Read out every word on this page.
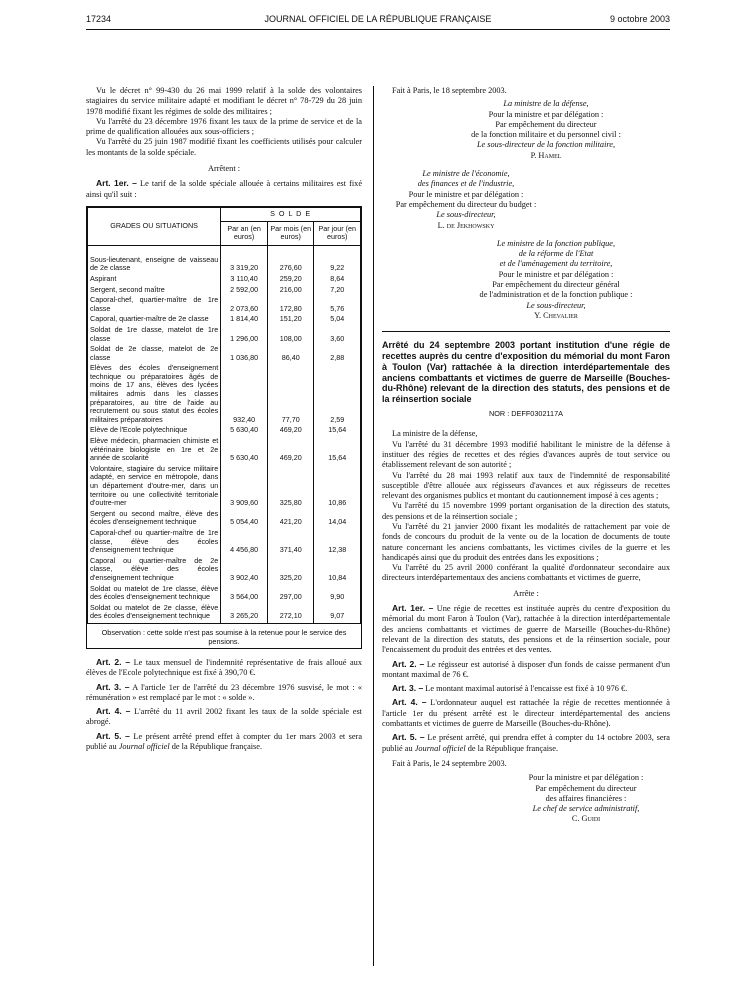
17234	JOURNAL OFFICIEL DE LA RÉPUBLIQUE FRANÇAISE	9 octobre 2003

Vu le décret n° 99-430 du 26 mai 1999 relatif à la solde des volontaires stagiaires du service militaire adapté et modifiant le décret n° 78-729 du 28 juin 1978 modifié fixant les régimes de solde des militaires ;

Vu l'arrêté du 23 décembre 1976 fixant les taux de la prime de service et de la prime de qualification allouées aux sous-officiers ;

Vu l'arrêté du 25 juin 1987 modifié fixant les coefficients utilisés pour calculer les montants de la solde spéciale.

Arrêtent :

Art. 1er. – Le tarif de la solde spéciale allouée à certains militaires est fixé ainsi qu'il suit :

GRADES OU SITUATIONS	S O L D E		
	Par an (en euros)	Par mois (en euros)	Par jour (en euros)
Sous-lieutenant, enseigne de vaisseau de 2e classe	3 319,20	276,60	9,22
Aspirant	3 110,40	259,20	8,64
Sergent, second maître	2 592,00	216,00	7,20
Caporal-chef, quartier-maître de 1re classe	2 073,60	172,80	5,76
Caporal, quartier-maître de 2e classe	1 814,40	151,20	5,04
Soldat de 1re classe, matelot de 1re classe	1 296,00	108,00	3,60
Soldat de 2e classe, matelot de 2e classe	1 036,80	86,40	2,88
Elèves des écoles d'enseignement technique ou préparatoires âgés de moins de 17 ans, élèves des lycées militaires admis dans les classes préparatoires, au titre de l'aide au recrutement ou sous statut des écoles militaires préparatoires	932,40	77,70	2,59
Elève de l'Ecole polytechnique	5 630,40	469,20	15,64
Elève médecin, pharmacien chimiste et vétérinaire biologiste en 1re et 2e année de scolarité	5 630,40	469,20	15,64
Volontaire, stagiaire du service militaire adapté, en service en métropole, dans un département d'outre-mer, dans un territoire ou une collectivité territoriale d'outre-mer	3 909,60	325,80	10,86
Sergent ou second maître, élève des écoles d'enseignement technique	5 054,40	421,20	14,04
Caporal-chef ou quartier-maître de 1re classe, élève des écoles d'enseignement technique	4 456,80	371,40	12,38
Caporal ou quartier-maître de 2e classe, élève des écoles d'enseignement technique	3 902,40	325,20	10,84
Soldat ou matelot de 1re classe, élève des écoles d'enseignement technique	3 564,00	297,00	9,90
Soldat ou matelot de 2e classe, élève des écoles d'enseignement technique	3 265,20	272,10	9,07
Observation : cette solde n'est pas soumise à la retenue pour le service des pensions.

Art. 2. – Le taux mensuel de l'indemnité représentative de frais alloué aux élèves de l'Ecole polytechnique est fixé à 390,70 €.

Art. 3. – A l'article 1er de l'arrêté du 23 décembre 1976 susvisé, le mot : « rémunération » est remplacé par le mot : « solde ».

Art. 4. – L'arrêté du 11 avril 2002 fixant les taux de la solde spéciale est abrogé.

Art. 5. – Le présent arrêté prend effet à compter du 1er mars 2003 et sera publié au Journal officiel de la République française.

Fait à Paris, le 18 septembre 2003.

La ministre de la défense,
Pour la ministre et par délégation :
Par empêchement du directeur
de la fonction militaire et du personnel civil :
Le sous-directeur de la fonction militaire,
P. Hamel
Le ministre de l'économie,
des finances et de l'industrie,
Pour le ministre et par délégation :
Par empêchement du directeur du budget :
Le sous-directeur,
L. de Jekhowsky
Le ministre de la fonction publique,
de la réforme de l'Etat
et de l'aménagement du territoire,
Pour le ministre et par délégation :
Par empêchement du directeur général
de l'administration et de la fonction publique :
Le sous-directeur,
Y. Chevalier
Arrêté du 24 septembre 2003 portant institution d'une régie de recettes auprès du centre d'exposition du mémorial du mont Faron à Toulon (Var) rattachée à la direction interdépartementale des anciens combattants et victimes de guerre de Marseille (Bouches-du-Rhône) relevant de la direction des statuts, des pensions et de la réinsertion sociale
NOR : DEFF0302117A

La ministre de la défense,

Vu l'arrêté du 31 décembre 1993 modifié habilitant le ministre de la défense à instituer des régies de recettes et des régies d'avances auprès de tout service ou établissement relevant de son autorité ;

Vu l'arrêté du 28 mai 1993 relatif aux taux de l'indemnité de responsabilité susceptible d'être allouée aux régisseurs d'avances et aux régisseurs de recettes relevant des organismes publics et montant du cautionnement imposé à ces agents ;

Vu l'arrêté du 15 novembre 1999 portant organisation de la direction des statuts, des pensions et de la réinsertion sociale ;

Vu l'arrêté du 21 janvier 2000 fixant les modalités de rattachement par voie de fonds de concours du produit de la vente ou de la location de documents de toute nature concernant les anciens combattants, les victimes civiles de la guerre et les handicapés ainsi que du produit des entrées dans les expositions ;

Vu l'arrêté du 25 avril 2000 conférant la qualité d'ordonnateur secondaire aux directeurs interdépartementaux des anciens combattants et victimes de guerre,

Arrête :

Art. 1er. – Une régie de recettes est instituée auprès du centre d'exposition du mémorial du mont Faron à Toulon (Var), rattachée à la direction interdépartementale des anciens combattants et victimes de guerre de Marseille (Bouches-du-Rhône) relevant de la direction des statuts, des pensions et de la réinsertion sociale, pour l'encaissement du produit des entrées et des ventes.

Art. 2. – Le régisseur est autorisé à disposer d'un fonds de caisse permanent d'un montant maximal de 76 €.

Art. 3. – Le montant maximal autorisé à l'encaisse est fixé à 10 976 €.

Art. 4. – L'ordonnateur auquel est rattachée la régie de recettes mentionnée à l'article 1er du présent arrêté est le directeur interdépartemental des anciens combattants et victimes de guerre de Marseille (Bouches-du-Rhône).

Art. 5. – Le présent arrêté, qui prendra effet à compter du 14 octobre 2003, sera publié au Journal officiel de la République française.

Fait à Paris, le 24 septembre 2003.

Pour la ministre et par délégation :
Par empêchement du directeur
des affaires financières :
Le chef de service administratif,
C. Guidi
